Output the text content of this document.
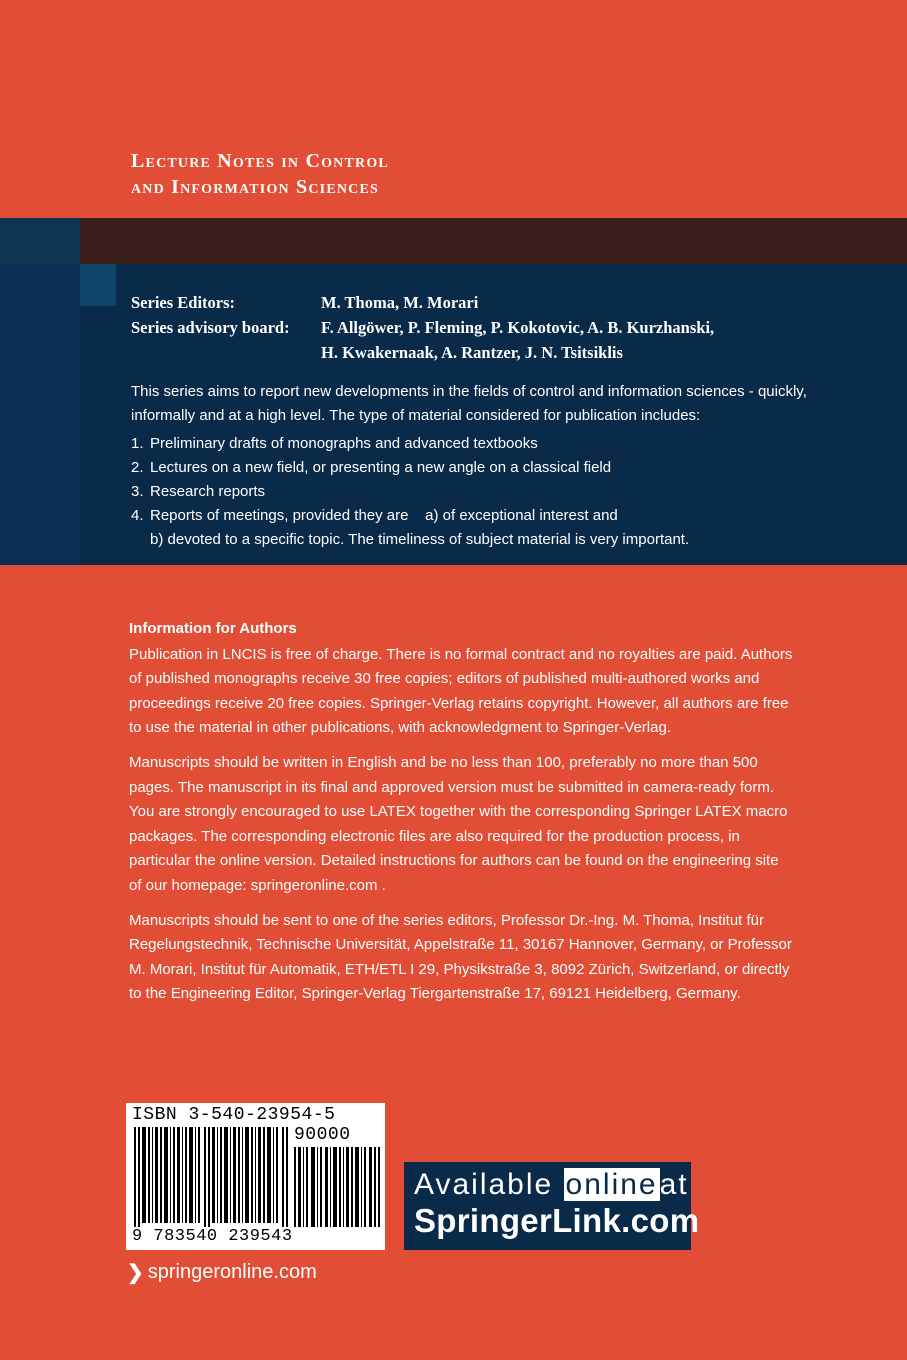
Lecture Notes in Control
and Information Sciences
Series Editors:	M. Thoma, M. Morari
Series advisory board:	F. Allgöwer, P. Fleming, P. Kokotovic, A. B. Kurzhanski,
H. Kwakernaak, A. Rantzer, J. N. Tsitsiklis

This series aims to report new developments in the fields of control and information sciences - quickly, informally and at a high level. The type of material considered for publication includes:

1. Preliminary drafts of monographs and advanced textbooks
2. Lectures on a new field, or presenting a new angle on a classical field
3. Research reports
4. Reports of meetings, provided they are    a) of exceptional interest and
b) devoted to a specific topic. The timeliness of subject material is very important.
Information for Authors

Publication in LNCIS is free of charge. There is no formal contract and no royalties are paid. Authors of published monographs receive 30 free copies; editors of published multi-authored works and proceedings receive 20 free copies. Springer-Verlag retains copyright. However, all authors are free to use the material in other publications, with acknowledgment to Springer-Verlag.

Manuscripts should be written in English and be no less than 100, preferably no more than 500 pages. The manuscript in its final and approved version must be submitted in camera-ready form. You are strongly encouraged to use LATEX together with the corresponding Springer LATEX macro packages. The corresponding electronic files are also required for the production process, in particular the online version. Detailed instructions for authors can be found on the engineering site of our homepage: springeronline.com .

Manuscripts should be sent to one of the series editors, Professor Dr.-Ing. M. Thoma, Institut für Regelungstechnik, Technische Universität, Appelstraße 11, 30167 Hannover, Germany, or Professor M. Morari, Institut für Automatik, ETH/ETL I 29, Physikstraße 3, 8092 Zürich, Switzerland, or directly to the Engineering Editor, Springer-Verlag Tiergartenstraße 17, 69121 Heidelberg, Germany.

ISBN 3-540-23954-5
90000
9 783540 239543
Available onlineat
SpringerLink.com
❯ springeronline.com
